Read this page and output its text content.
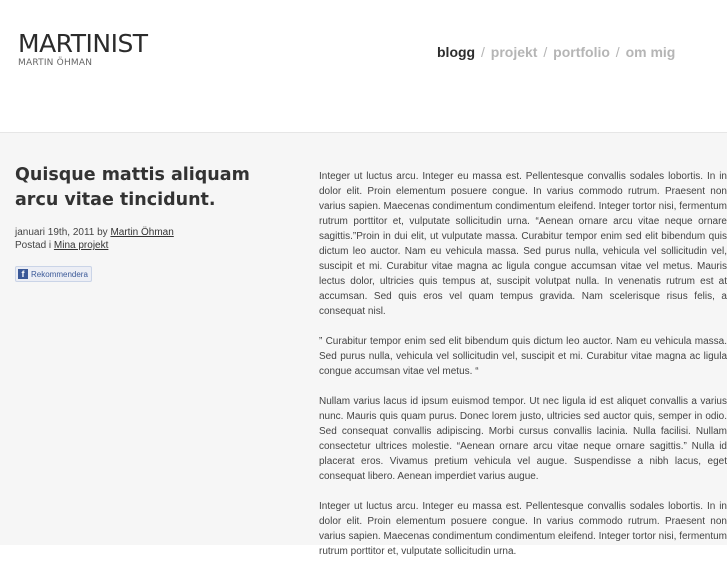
MARTINIST
MARTIN ÖHMAN
blogg / projekt / portfolio / om mig
Quisque mattis aliquam arcu vitae tincidunt.
januari 19th, 2011 by Martin Öhman
Postad i Mina projekt
f Rekommendera

Integer ut luctus arcu. Integer eu massa est. Pellentesque convallis sodales lobortis. In in dolor elit. Proin elementum posuere congue. In varius commodo rutrum. Praesent non varius sapien. Maecenas condimentum condimentum eleifend. Integer tortor nisi, fermentum rutrum porttitor et, vulputate sollicitudin urna. “Aenean ornare arcu vitae neque ornare sagittis.”Proin in dui elit, ut vulputate massa. Curabitur tempor enim sed elit bibendum quis dictum leo auctor. Nam eu vehicula massa. Sed purus nulla, vehicula vel sollicitudin vel, suscipit et mi. Curabitur vitae magna ac ligula congue accumsan vitae vel metus. Mauris lectus dolor, ultricies quis tempus at, suscipit volutpat nulla. In venenatis rutrum est at accumsan. Sed quis eros vel quam tempus gravida. Nam scelerisque risus felis, a consequat nisl.

” Curabitur tempor enim sed elit bibendum quis dictum leo auctor. Nam eu vehicula massa. Sed purus nulla, vehicula vel sollicitudin vel, suscipit et mi. Curabitur vitae magna ac ligula congue accumsan vitae vel metus. “

Nullam varius lacus id ipsum euismod tempor. Ut nec ligula id est aliquet convallis a varius nunc. Mauris quis quam purus. Donec lorem justo, ultricies sed auctor quis, semper in odio. Sed consequat convallis adipiscing. Morbi cursus convallis lacinia. Nulla facilisi. Nullam consectetur ultrices molestie. “Aenean ornare arcu vitae neque ornare sagittis.” Nulla id placerat eros. Vivamus pretium vehicula vel augue. Suspendisse a nibh lacus, eget consequat libero. Aenean imperdiet varius augue.

Integer ut luctus arcu. Integer eu massa est. Pellentesque convallis sodales lobortis. In in dolor elit. Proin elementum posuere congue. In varius commodo rutrum. Praesent non varius sapien. Maecenas condimentum condimentum eleifend. Integer tortor nisi, fermentum rutrum porttitor et, vulputate sollicitudin urna.
